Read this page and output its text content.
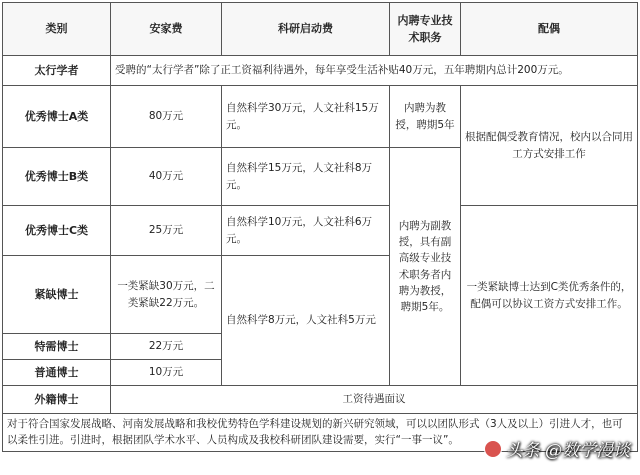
类别	安家费	科研启动费	内聘专业技术职务	配偶
太行学者	受聘的“太行学者”除了正工资福利待遇外，每年享受生活补贴40万元，五年聘期内总计200万元。			
优秀博士A类	80万元	自然科学30万元，人文社科15万元。	内聘为教授，聘期5年	根据配偶受教育情况，校内以合同用工方式安排工作
优秀博士B类	40万元	自然科学15万元，人文社科8万元。	内聘为副教授，具有副高级专业技术职务者内聘为教授，聘期5年。	
优秀博士C类	25万元	自然科学10万元，人文社科6万元。		一类紧缺博士达到C类优秀条件的，配偶可以协议工资方式安排工作。
紧缺博士	一类紧缺30万元，二类紧缺22万元。	自然科学8万元，人文社科5万元		
特需博士	22万元			
普通博士	10万元			
外籍博士	工资待遇面议			
对于符合国家发展战略、河南发展战略和我校优势特色学科建设规划的新兴研究领域，可以以团队形式（3人及以上）引进人才，也可以柔性引进。引进时，根据团队学术水平、人员构成及我校科研团队建设需要，实行“一事一议”。				
头条 @数学漫谈
